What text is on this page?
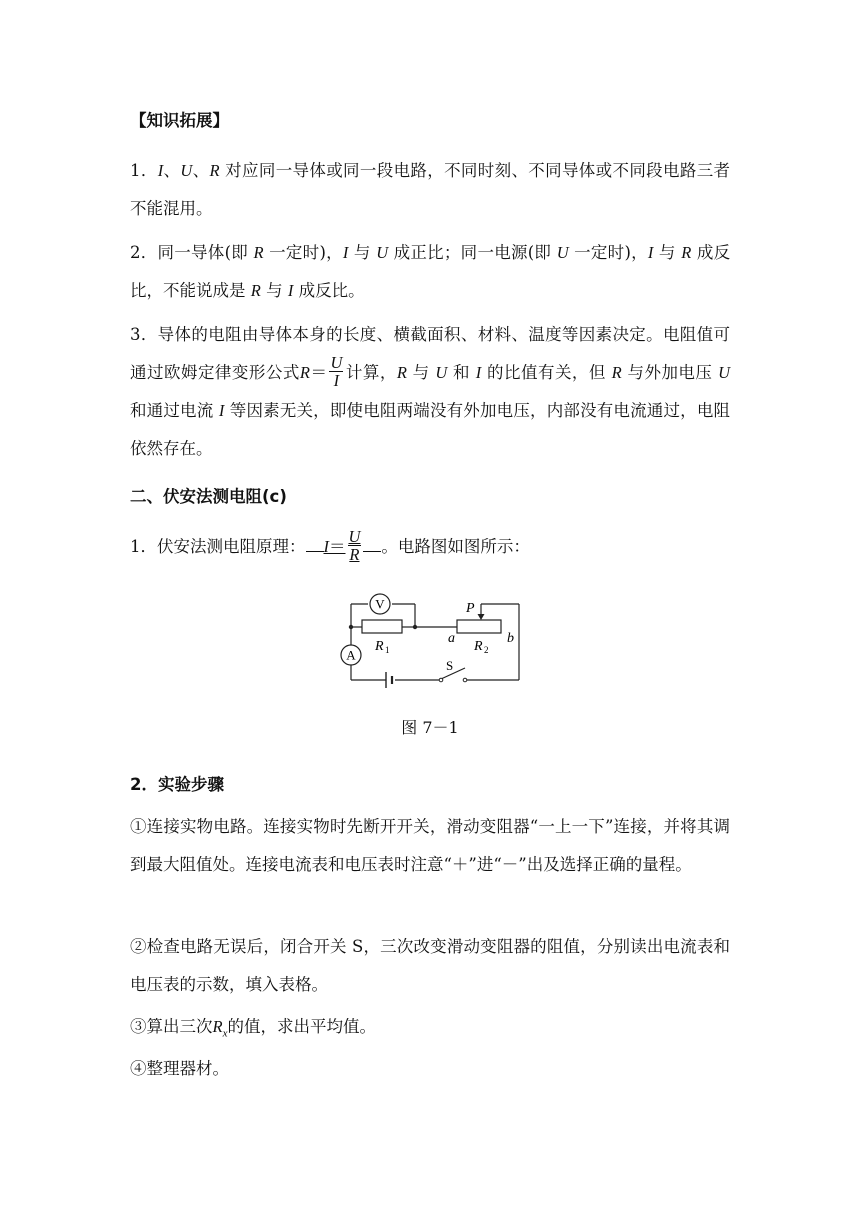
【知识拓展】

1．I、U、R 对应同一导体或同一段电路，不同时刻、不同导体或不同段电路三者不能混用。

2．同一导体(即 R 一定时)，I 与 U 成正比；同一电源(即 U 一定时)，I 与 R 成反比，不能说成是 R 与 I 成反比。

3．导体的电阻由导体本身的长度、横截面积、材料、温度等因素决定。电阻值可通过欧姆定律变形公式$R= \frac{U}{I}$ 计算，R 与 U 和 I 的比值有关，但 R 与外加电压 U 和通过电流 I 等因素无关，即使电阻两端没有外加电压，内部没有电流通过，电阻依然存在。

二、伏安法测电阻(c)

1．伏安法测电阻原理： $I= \frac{U}{R}$ 。电路图如图所示：

V
A
R 1	R 2
P
a	b
S
图 7－1

2．实验步骤

①连接实物电路。连接实物时先断开开关，滑动变阻器“一上一下”连接，并将其调到最大阻值处。连接电流表和电压表时注意“＋”进“－”出及选择正确的量程。

②检查电路无误后，闭合开关 S，三次改变滑动变阻器的阻值，分别读出电流表和电压表的示数，填入表格。

③算出三次$R_x$的值，求出平均值。

④整理器材。
